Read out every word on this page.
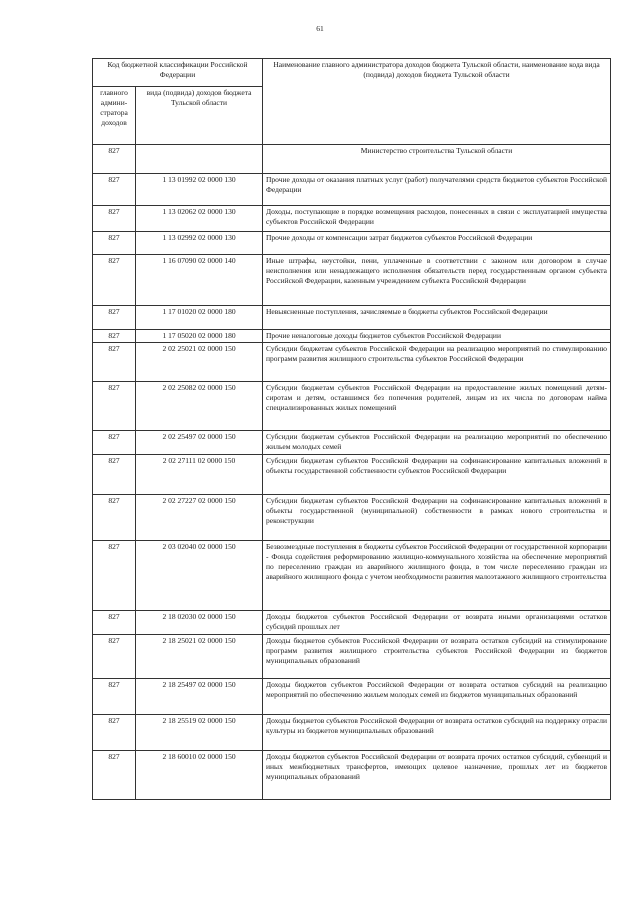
61
Код бюджетной классификации Российской Федерации		Наименование главного администратора доходов бюджета Тульской области, наименование кода вида (подвида) доходов бюджета Тульской области
главного админи-стратора доходов	вида (подвида) доходов бюджета Тульской области	
827		Министерство строительства Тульской области
827	1 13 01992 02 0000 130	Прочие доходы от оказания платных услуг (работ) получателями средств бюджетов субъектов Российской Федерации
827	1 13 02062 02 0000 130	Доходы, поступающие в порядке возмещения расходов, понесенных в связи с эксплуатацией имущества субъектов Российской Федерации
827	1 13 02992 02 0000 130	Прочие доходы от компенсации затрат бюджетов субъектов Российской Федерации
827	1 16 07090 02 0000 140	Иные штрафы, неустойки, пени, уплаченные в соответствии с законом или договором в случае неисполнения или ненадлежащего исполнения обязательств перед государственным органом субъекта Российской Федерации, казенным учреждением субъекта Российской Федерации
827	1 17 01020 02 0000 180	Невыясненные поступления, зачисляемые в бюджеты субъектов Российской Федерации
827	1 17 05020 02 0000 180	Прочие неналоговые доходы бюджетов субъектов Российской Федерации
827	2 02 25021 02 0000 150	Субсидии бюджетам субъектов Российской Федерации на реализацию мероприятий по стимулированию программ развития жилищного строительства субъектов Российской Федерации
827	2 02 25082 02 0000 150	Субсидии бюджетам субъектов Российской Федерации на предоставление жилых помещений детям-сиротам и детям, оставшимся без попечения родителей, лицам из их числа по договорам найма специализированных жилых помещений
827	2 02 25497 02 0000 150	Субсидии бюджетам субъектов Российской Федерации на реализацию мероприятий по обеспечению жильем молодых семей
827	2 02 27111 02 0000 150	Субсидии бюджетам субъектов Российской Федерации на софинансирование капитальных вложений в объекты государственной собственности субъектов Российской Федерации
827	2 02 27227 02 0000 150	Субсидии бюджетам субъектов Российской Федерации на софинансирование капитальных вложений в объекты государственной (муниципальной) собственности в рамках нового строительства и реконструкции
827	2 03 02040 02 0000 150	Безвозмездные поступления в бюджеты субъектов Российской Федерации от государственной корпорации - Фонда содействия реформированию жилищно-коммунального хозяйства на обеспечение мероприятий по переселению граждан из аварийного жилищного фонда, в том числе переселению граждан из аварийного жилищного фонда с учетом необходимости развития малоэтажного жилищного строительства
827	2 18 02030 02 0000 150	Доходы бюджетов субъектов Российской Федерации от возврата иными организациями остатков субсидий прошлых лет
827	2 18 25021 02 0000 150	Доходы бюджетов субъектов Российской Федерации от возврата остатков субсидий на стимулирование программ развития жилищного строительства субъектов Российской Федерации из бюджетов муниципальных образований
827	2 18 25497 02 0000 150	Доходы бюджетов субъектов Российской Федерации от возврата остатков субсидий на реализацию мероприятий по обеспечению жильем молодых семей из бюджетов муниципальных образований
827	2 18 25519 02 0000 150	Доходы бюджетов субъектов Российской Федерации от возврата остатков субсидий на поддержку отрасли культуры из бюджетов муниципальных образований
827	2 18 60010 02 0000 150	Доходы бюджетов субъектов Российской Федерации от возврата прочих остатков субсидий, субвенций и иных межбюджетных трансфертов, имеющих целевое назначение, прошлых лет из бюджетов муниципальных образований
